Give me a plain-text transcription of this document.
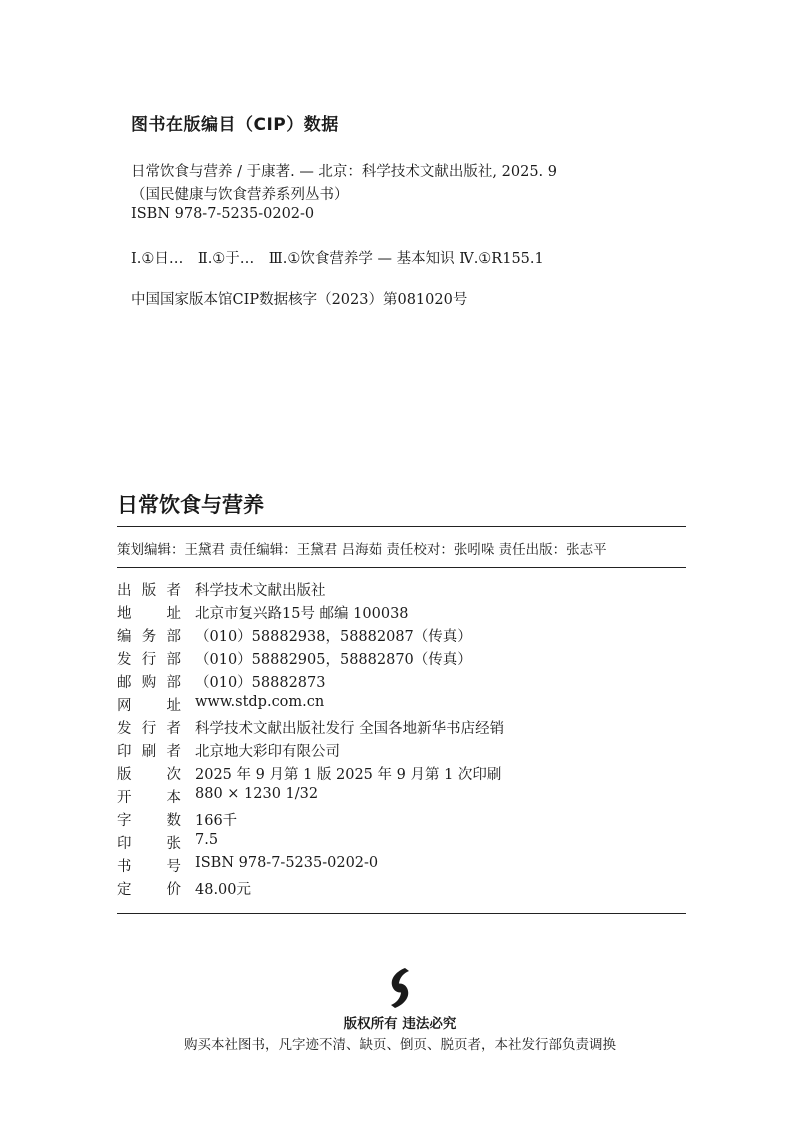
图书在版编目（CIP）数据
日常饮食与营养 / 于康著. — 北京：科学技术文献出版社, 2025. 9
（国民健康与饮食营养系列丛书）
ISBN 978-7-5235-0202-0
Ⅰ.①日…　Ⅱ.①于…　Ⅲ.①饮食营养学 — 基本知识 Ⅳ.①R155.1
中国国家版本馆CIP数据核字（2023）第081020号
日常饮食与营养
策划编辑：王黛君 责任编辑：王黛君 吕海茹 责任校对：张吲哚 责任出版：张志平
出 版 者 科学技术文献出版社
地 址 北京市复兴路15号 邮编 100038
编 务 部 （010）58882938，58882087（传真）
发 行 部 （010）58882905，58882870（传真）
邮 购 部 （010）58882873
网 址 www.stdp.com.cn
发 行 者 科学技术文献出版社发行 全国各地新华书店经销
印 刷 者 北京地大彩印有限公司
版 次 2025 年 9 月第 1 版 2025 年 9 月第 1 次印刷
开 本 880 × 1230 1/32
字 数 166千
印 张 7.5
书 号 ISBN 978-7-5235-0202-0
定 价 48.00元
版权所有 违法必究
购买本社图书，凡字迹不清、缺页、倒页、脱页者，本社发行部负责调换
